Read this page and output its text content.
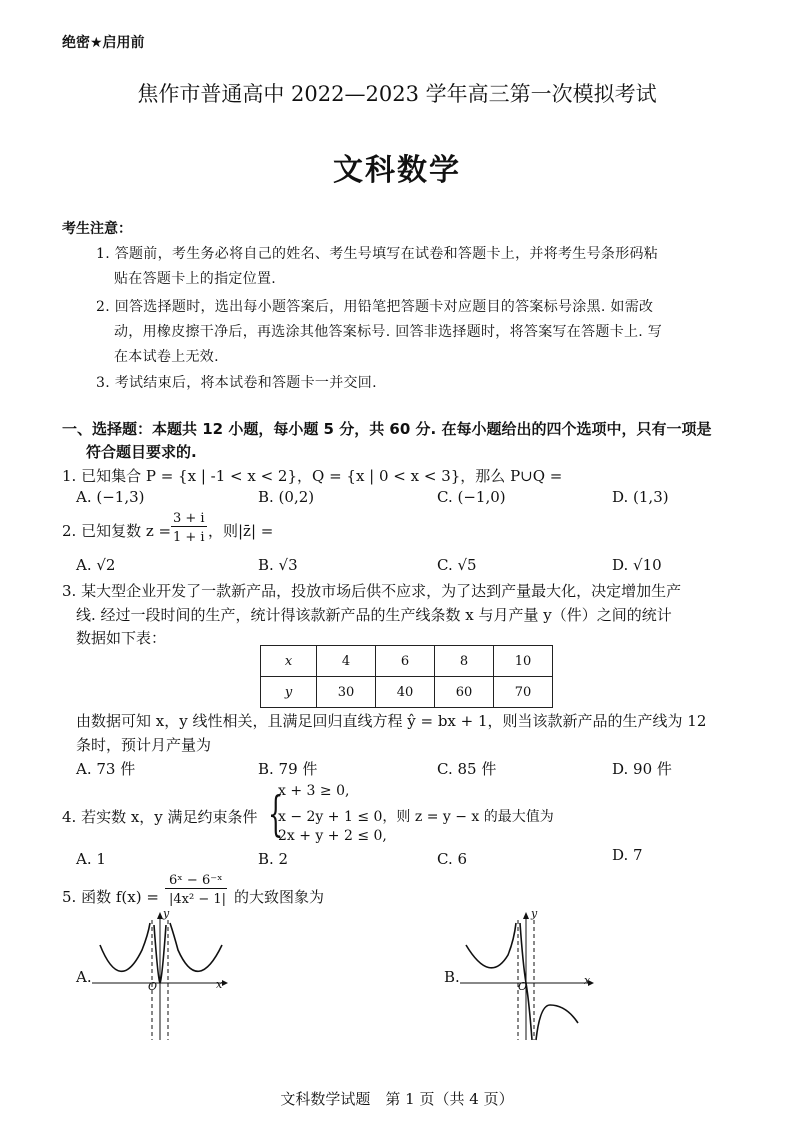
绝密★启用前
焦作市普通高中 2022—2023 学年高三第一次模拟考试
文科数学
考生注意：
1. 答题前，考生务必将自己的姓名、考生号填写在试卷和答题卡上，并将考生号条形码粘
贴在答题卡上的指定位置.
2. 回答选择题时，选出每小题答案后，用铅笔把答题卡对应题目的答案标号涂黑. 如需改
动，用橡皮擦干净后，再选涂其他答案标号. 回答非选择题时，将答案写在答题卡上. 写
在本试卷上无效.
3. 考试结束后，将本试卷和答题卡一并交回.
一、选择题：本题共 12 小题，每小题 5 分，共 60 分. 在每小题给出的四个选项中，只有一项是
符合题目要求的.
1. 已知集合 P = {x | -1 < x < 2}，Q = {x | 0 < x < 3}，那么 P∪Q =
A. (−1,3)	B. (0,2)	C. (−1,0)	D. (1,3)
2. 已知复数 z =
3 + i
1 + i ，则|z̄| =
A. √2	B. √3	C. √5	D. √10
3. 某大型企业开发了一款新产品，投放市场后供不应求，为了达到产量最大化，决定增加生产
线. 经过一段时间的生产，统计得该款新产品的生产线条数 x 与月产量 y（件）之间的统计
数据如下表：
x	4	6	8	10
y	30	40	60	70
由数据可知 x，y 线性相关，且满足回归直线方程 ŷ = bx + 1，则当该款新产品的生产线为 12
条时，预计月产量为
A. 73 件	B. 79 件	C. 85 件	D. 90 件
4. 若实数 x，y 满足约束条件 {
x + 3 ≥ 0,
x − 2y + 1 ≤ 0，则 z = y − x 的最大值为
2x + y + 2 ≤ 0,
A. 1	B. 2	C. 6	D. 7
5. 函数 f(x) =
6ˣ − 6⁻ˣ
|4x² − 1| 的大致图象为
A.
O	x
y
B.
O	x
y
文科数学试题　第 1 页（共 4 页）
